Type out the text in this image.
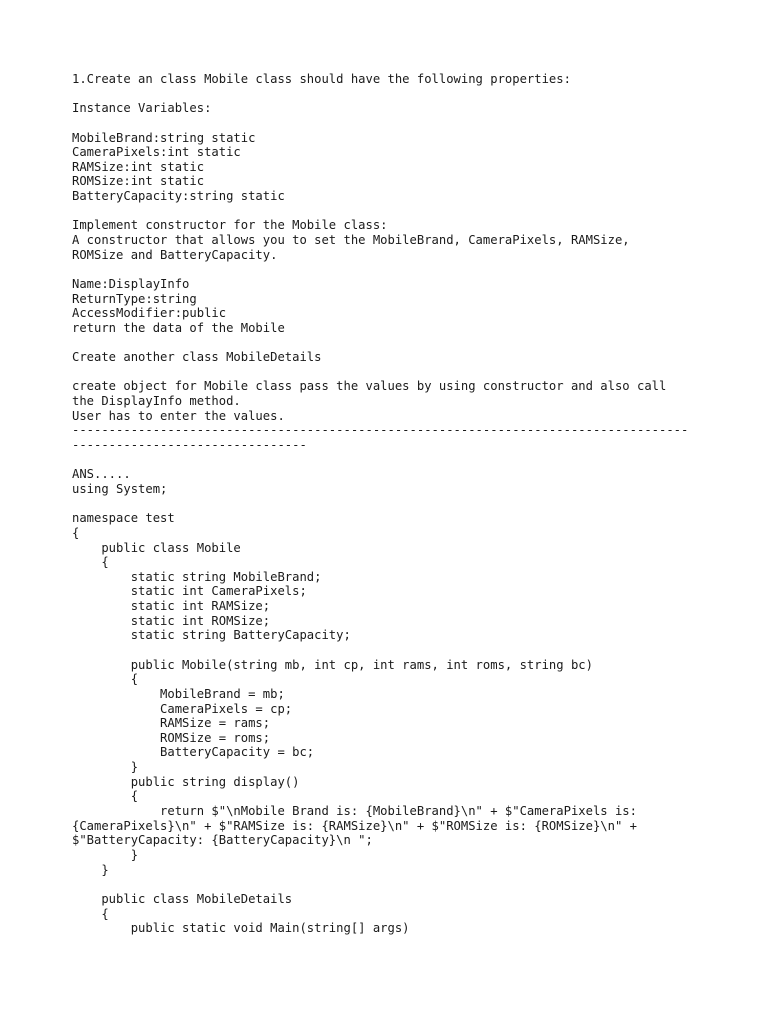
1.Create an class Mobile class should have the following properties:
Instance Variables:
MobileBrand:string static
CameraPixels:int static
RAMSize:int static
ROMSize:int static
BatteryCapacity:string static
Implement constructor for the Mobile class:
A constructor that allows you to set the MobileBrand, CameraPixels, RAMSize,
ROMSize and BatteryCapacity.
Name:DisplayInfo
ReturnType:string
AccessModifier:public
return the data of the Mobile
Create another class MobileDetails
create object for Mobile class pass the values by using constructor and also call
the DisplayInfo method.
User has to enter the values.
------------------------------------------------------------------------------------
--------------------------------
ANS.....
using System;
namespace test
{
public class Mobile
{
static string MobileBrand;
static int CameraPixels;
static int RAMSize;
static int ROMSize;
static string BatteryCapacity;
public Mobile(string mb, int cp, int rams, int roms, string bc)
{
MobileBrand = mb;
CameraPixels = cp;
RAMSize = rams;
ROMSize = roms;
BatteryCapacity = bc;
}
public string display()
{
return $"\nMobile Brand is: {MobileBrand}\n" + $"CameraPixels is:
{CameraPixels}\n" + $"RAMSize is: {RAMSize}\n" + $"ROMSize is: {ROMSize}\n" +
$"BatteryCapacity: {BatteryCapacity}\n ";
}
}
public class MobileDetails
{
public static void Main(string[] args)
